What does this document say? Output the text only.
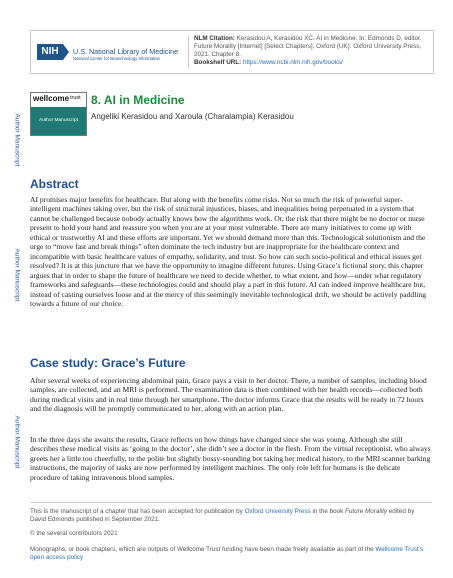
Author Manuscript
Author Manuscript
Author Manuscript
NIH	U.S. National Library of Medicine
National Center for Biotechnology Information
NLM Citation: Kerasidou A, Kerasidou XC. AI in Medicine. In: Edmonds D, editor. Future Morality [Internet] [Select Chapters]. Oxford (UK): Oxford University Press; 2021. Chapter 8.
Bookshelf URL: https://www.ncbi.nlm.nih.gov/books/
wellcome trust
Author Manuscript
8. AI in Medicine
Angeliki Kerasidou and Xaroula (Charalampia) Kerasidou
Abstract
AI promises major benefits for healthcare. But along with the benefits come risks. Not so much the risk of powerful super-intelligent machines taking over, but the risk of structural injustices, biases, and inequalities being perpetuated in a system that cannot be challenged because nobody actually knows how the algorithms work. Or, the risk that there might be no doctor or nurse present to hold your hand and reassure you when you are at your most vulnerable. There are many initiatives to come up with ethical or trustworthy AI and these efforts are important. Yet we should demand more than this. Technological solutionism and the urge to “move fast and break things” often dominate the tech industry but are inappropriate for the healthcare context and incompatible with basic healthcare values of empathy, solidarity, and trust. So how can such socio-political and ethical issues get resolved? It is at this juncture that we have the opportunity to imagine different futures. Using Grace’s fictional story, this chapter argues that in order to shape the future of healthcare we need to decide whether, to what extent, and how—under what regulatory frameworks and safeguards—these technologies could and should play a part in this future. AI can indeed improve healthcare but, instead of casting ourselves loose and at the mercy of this seemingly inevitable technological drift, we should be actively paddling towards a future of our choice.
Case study: Grace’s Future
After several weeks of experiencing abdominal pain, Grace pays a visit to her doctor. There, a number of samples, including blood samples, are collected, and an MRI is performed. The examination data is then combined with her health records—collected both during medical visits and in real time through her smartphone. The doctor informs Grace that the results will be ready in 72 hours and the diagnosis will be promptly communicated to her, along with an action plan.
In the three days she awaits the results, Grace reflects on how things have changed since she was young. Although she still describes these medical visits as ‘going to the doctor’, she didn’t see a doctor in the flesh. From the virtual receptionist, who always greets her a little too cheerfully, to the polite but slightly bossy-sounding bot taking her medical history, to the MRI scanner barking instructions, the majority of tasks are now performed by intelligent machines. The only role left for humans is the delicate procedure of taking intravenous blood samples.
This is the manuscript of a chapter that has been accepted for publication by Oxford University Press in the book Future Morality edited by David Edmonds published in September 2021.
© the several contributors 2021
Monographs, or book chapters, which are outputs of Wellcome Trust funding have been made freely available as part of the Wellcome Trust’s open access policy
